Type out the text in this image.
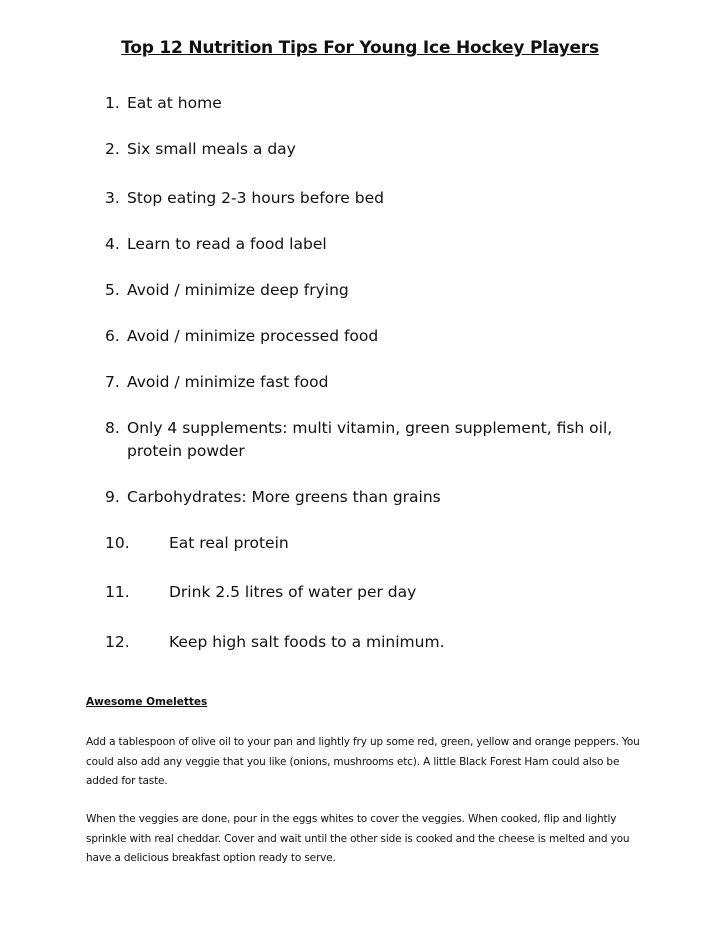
Top 12 Nutrition Tips For Young Ice Hockey Players
1. Eat at home
2. Six small meals a day
3. Stop eating 2-3 hours before bed
4. Learn to read a food label
5. Avoid / minimize deep frying
6. Avoid / minimize processed food
7. Avoid / minimize fast food
8. Only 4 supplements: multi vitamin, green supplement, fish oil, protein powder
9. Carbohydrates: More greens than grains
10.	Eat real protein
11.	Drink 2.5 litres of water per day
12.	Keep high salt foods to a minimum.
Awesome Omelettes
Add a tablespoon of olive oil to your pan and lightly fry up some red, green, yellow and orange peppers. You could also add any veggie that you like (onions, mushrooms etc). A little Black Forest Ham could also be added for taste.
When the veggies are done, pour in the eggs whites to cover the veggies. When cooked, flip and lightly sprinkle with real cheddar. Cover and wait until the other side is cooked and the cheese is melted and you have a delicious breakfast option ready to serve.
